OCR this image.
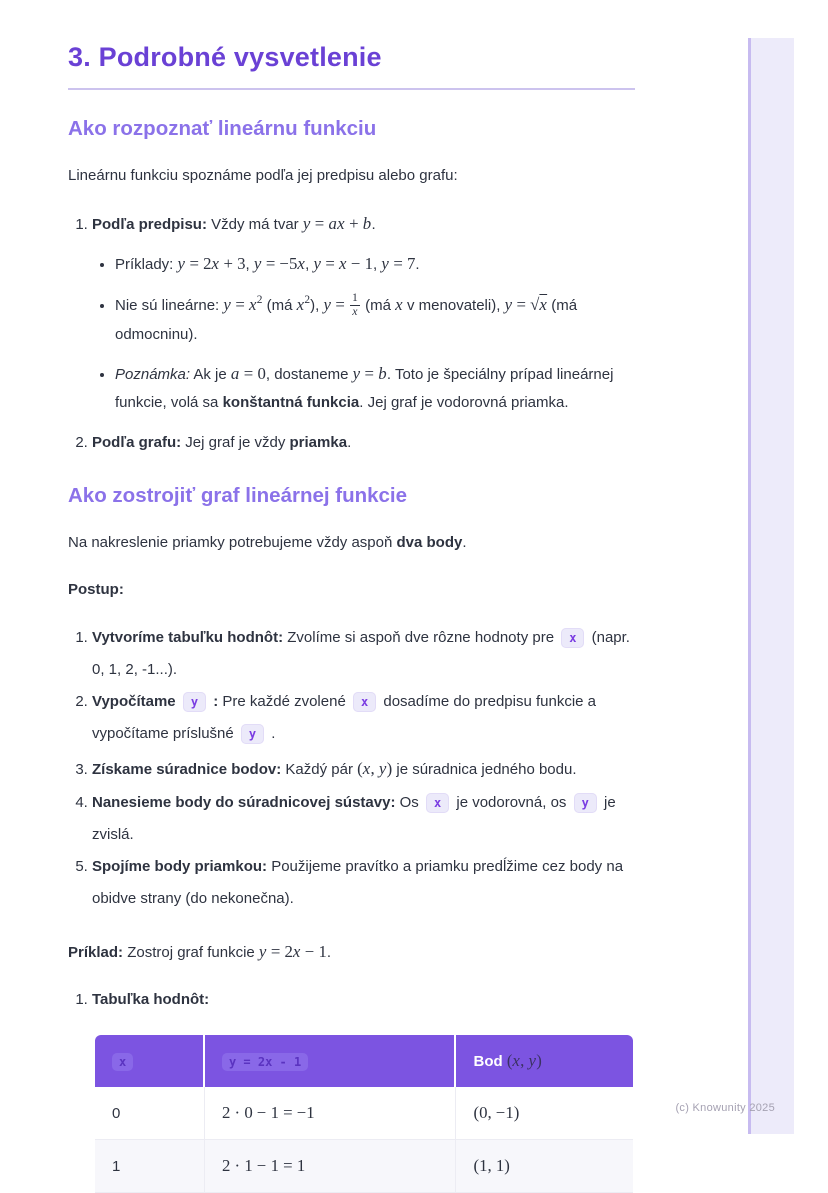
3. Podrobné vysvetlenie
Ako rozpoznať lineárnu funkciu

Lineárnu funkciu spoznáme podľa jej predpisu alebo grafu:

1. Podľa predpisu: Vždy má tvar y = ax + b.
• Príklady: y = 2x + 3, y = −5x, y = x − 1, y = 7.
• Nie sú lineárne: $y = x^2$ (má $x^2$), $y = \frac{1}{x}$ (má x v menovateli), y = √x (má odmocninu).
• Poznámka: Ak je a = 0, dostaneme y = b. Toto je špeciálny prípad lineárnej funkcie, volá sa konštantná funkcia. Jej graf je vodorovná priamka.
2. Podľa grafu: Jej graf je vždy priamka.
Ako zostrojiť graf lineárnej funkcie

Na nakreslenie priamky potrebujeme vždy aspoň dva body.

Postup:

1. Vytvoríme tabuľku hodnôt: Zvolíme si aspoň dve rôzne hodnoty pre x (napr. 0, 1, 2, -1...).
2. Vypočítame y : Pre každé zvolené x dosadíme do predpisu funkcie a vypočítame príslušné y .
3. Získame súradnice bodov: Každý pár (x, y) je súradnica jedného bodu.
4. Nanesieme body do súradnicovej sústavy: Os x je vodorovná, os y je zvislá.
5. Spojíme body priamkou: Použijeme pravítko a priamku predĺžime cez body na obidve strany (do nekonečna).

Príklad: Zostroj graf funkcie y = 2x − 1.

1. Tabuľka hodnôt:
x	y = 2x - 1	Bod (x, y)
0	2 · 0 − 1 = −1	(0, −1)
1	2 · 1 − 1 = 1	(1, 1)
(c) Knowunity 2025
